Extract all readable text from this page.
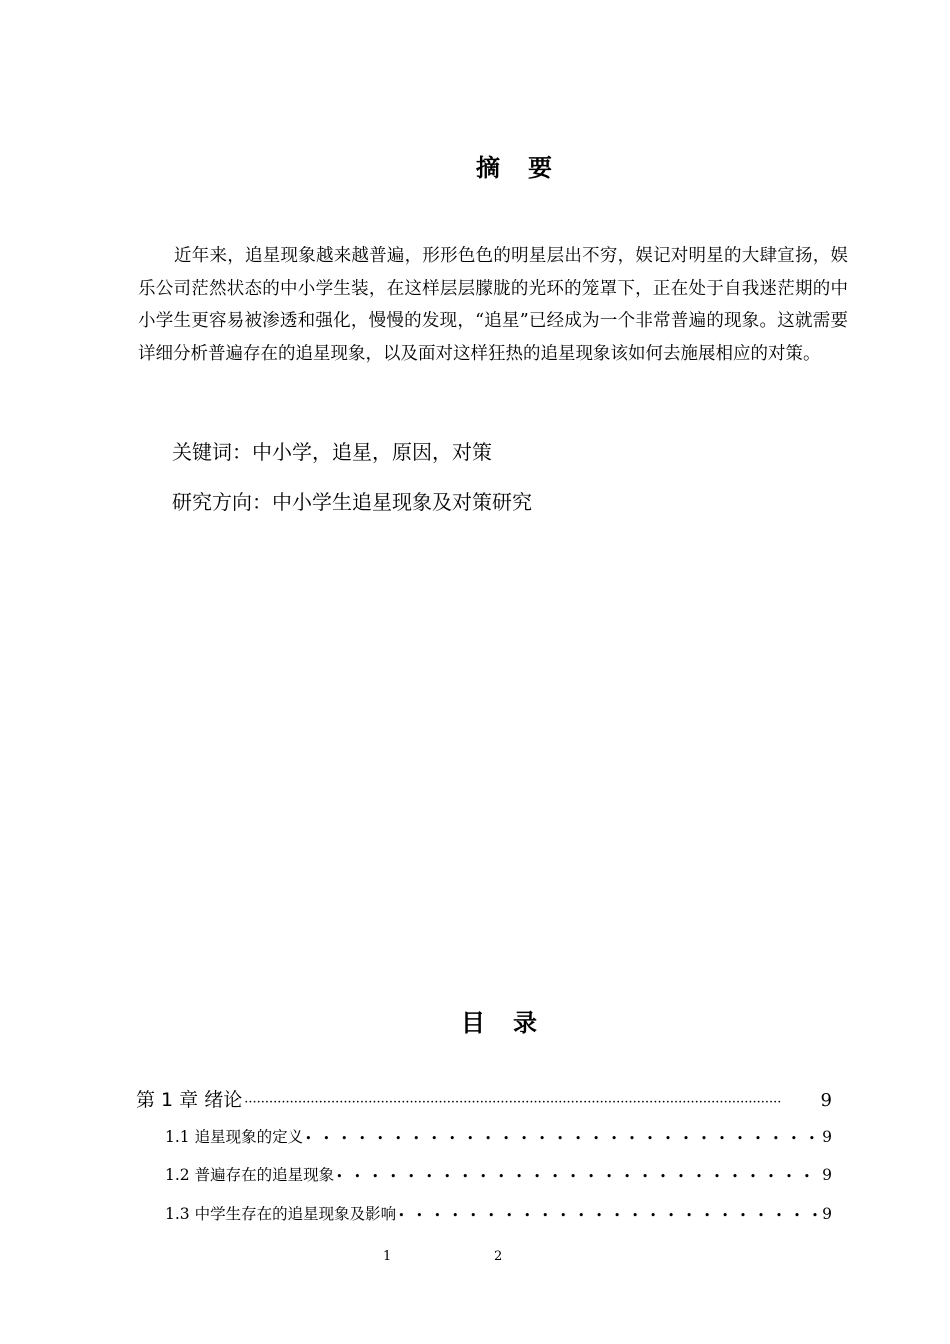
摘　要
近年来，追星现象越来越普遍，形形色色的明星层出不穷，娱记对明星的大肆宣扬，娱乐公司茫然状态的中小学生装，在这样层层朦胧的光环的笼罩下，正在处于自我迷茫期的中小学生更容易被渗透和强化，慢慢的发现，“追星”已经成为一个非常普遍的现象。这就需要详细分析普遍存在的追星现象，以及面对这样狂热的追星现象该如何去施展相应的对策。
关键词：中小学，追星，原因，对策
研究方向：中小学生追星现象及对策研究
目　录
第 1 章 绪论 ·····	9
1.1 追星现象的定义 • • •	9
1.2 普遍存在的追星现象 • • •	9
1.3 中学生存在的追星现象及影响 • • •	9
1	2
